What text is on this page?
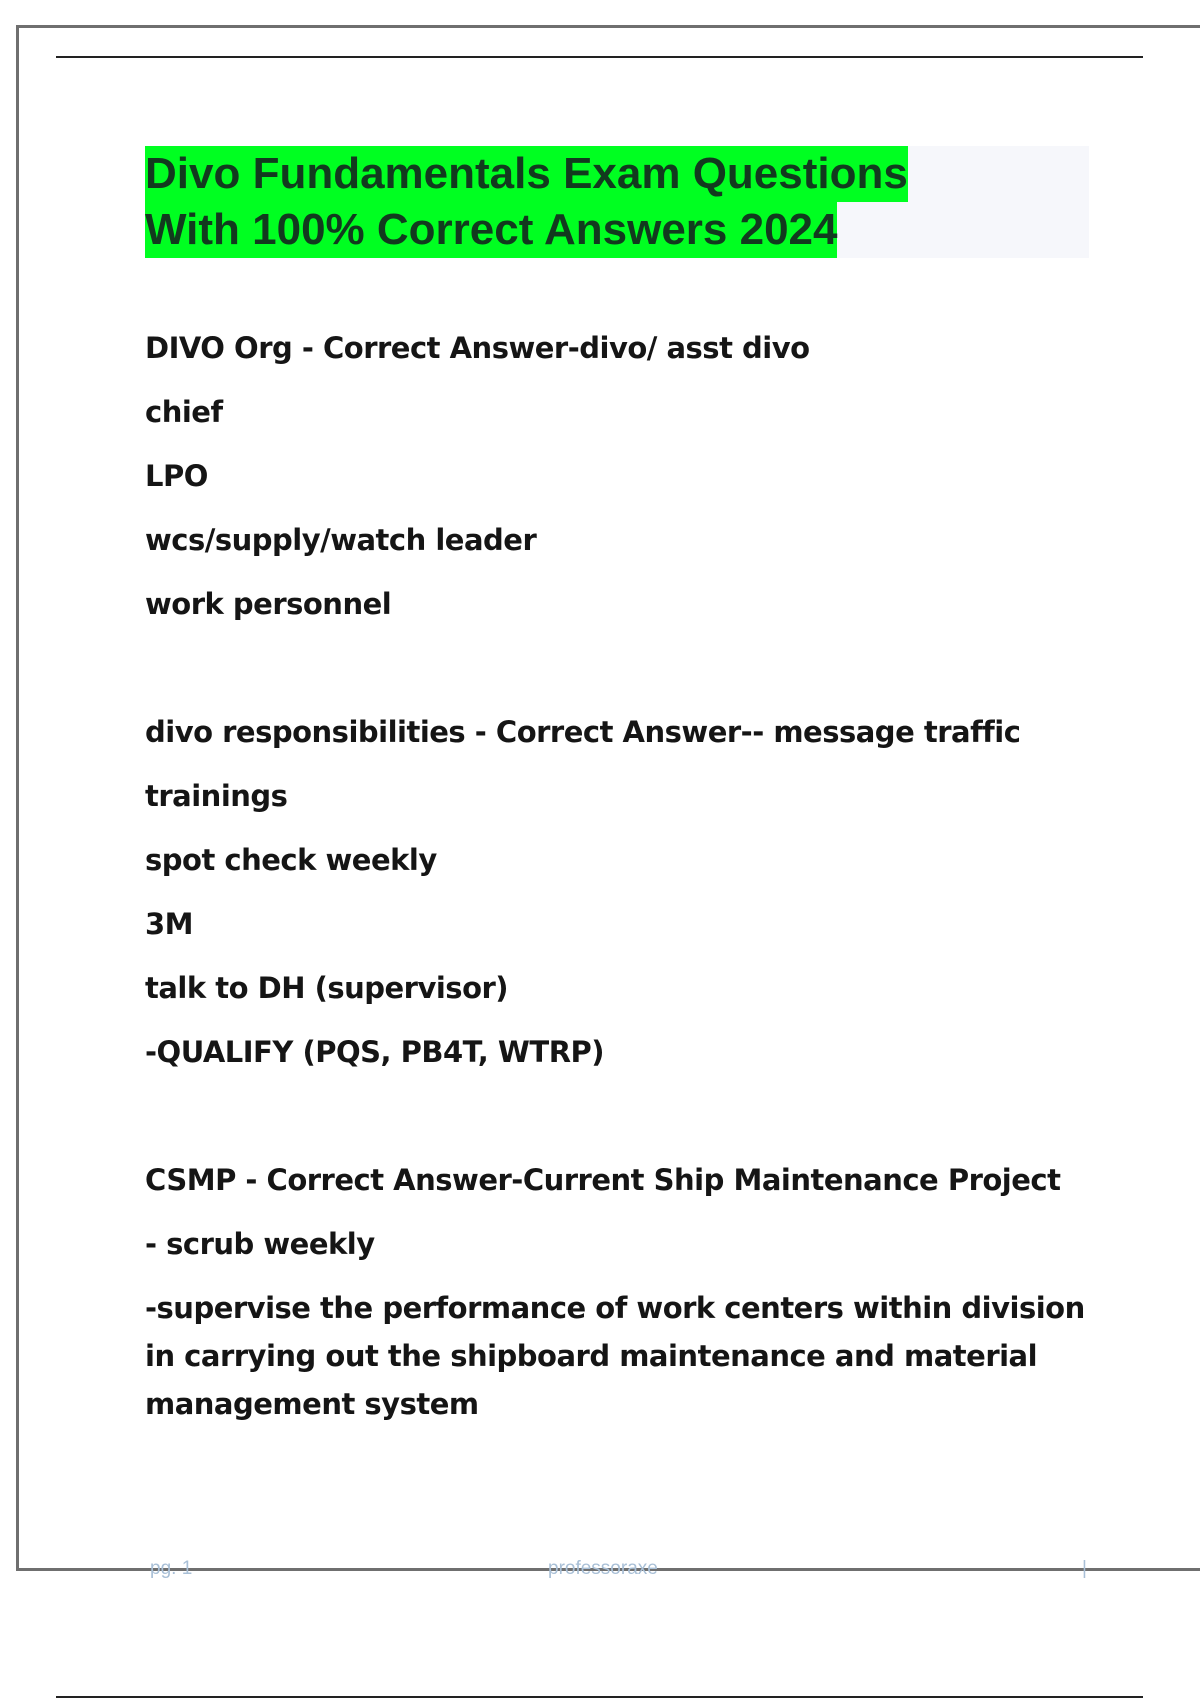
Divo Fundamentals Exam Questions
With 100% Correct Answers 2024
DIVO Org - Correct Answer-divo/ asst divo
chief
LPO
wcs/supply/watch leader
work personnel
divo responsibilities - Correct Answer-- message traffic
trainings
spot check weekly
3M
talk to DH (supervisor)
-QUALIFY (PQS, PB4T, WTRP)
CSMP - Correct Answer-Current Ship Maintenance Project
- scrub weekly
-supervise the performance of work centers within division in carrying out the shipboard maintenance and material management system
pg. 1	professoraxe	|
